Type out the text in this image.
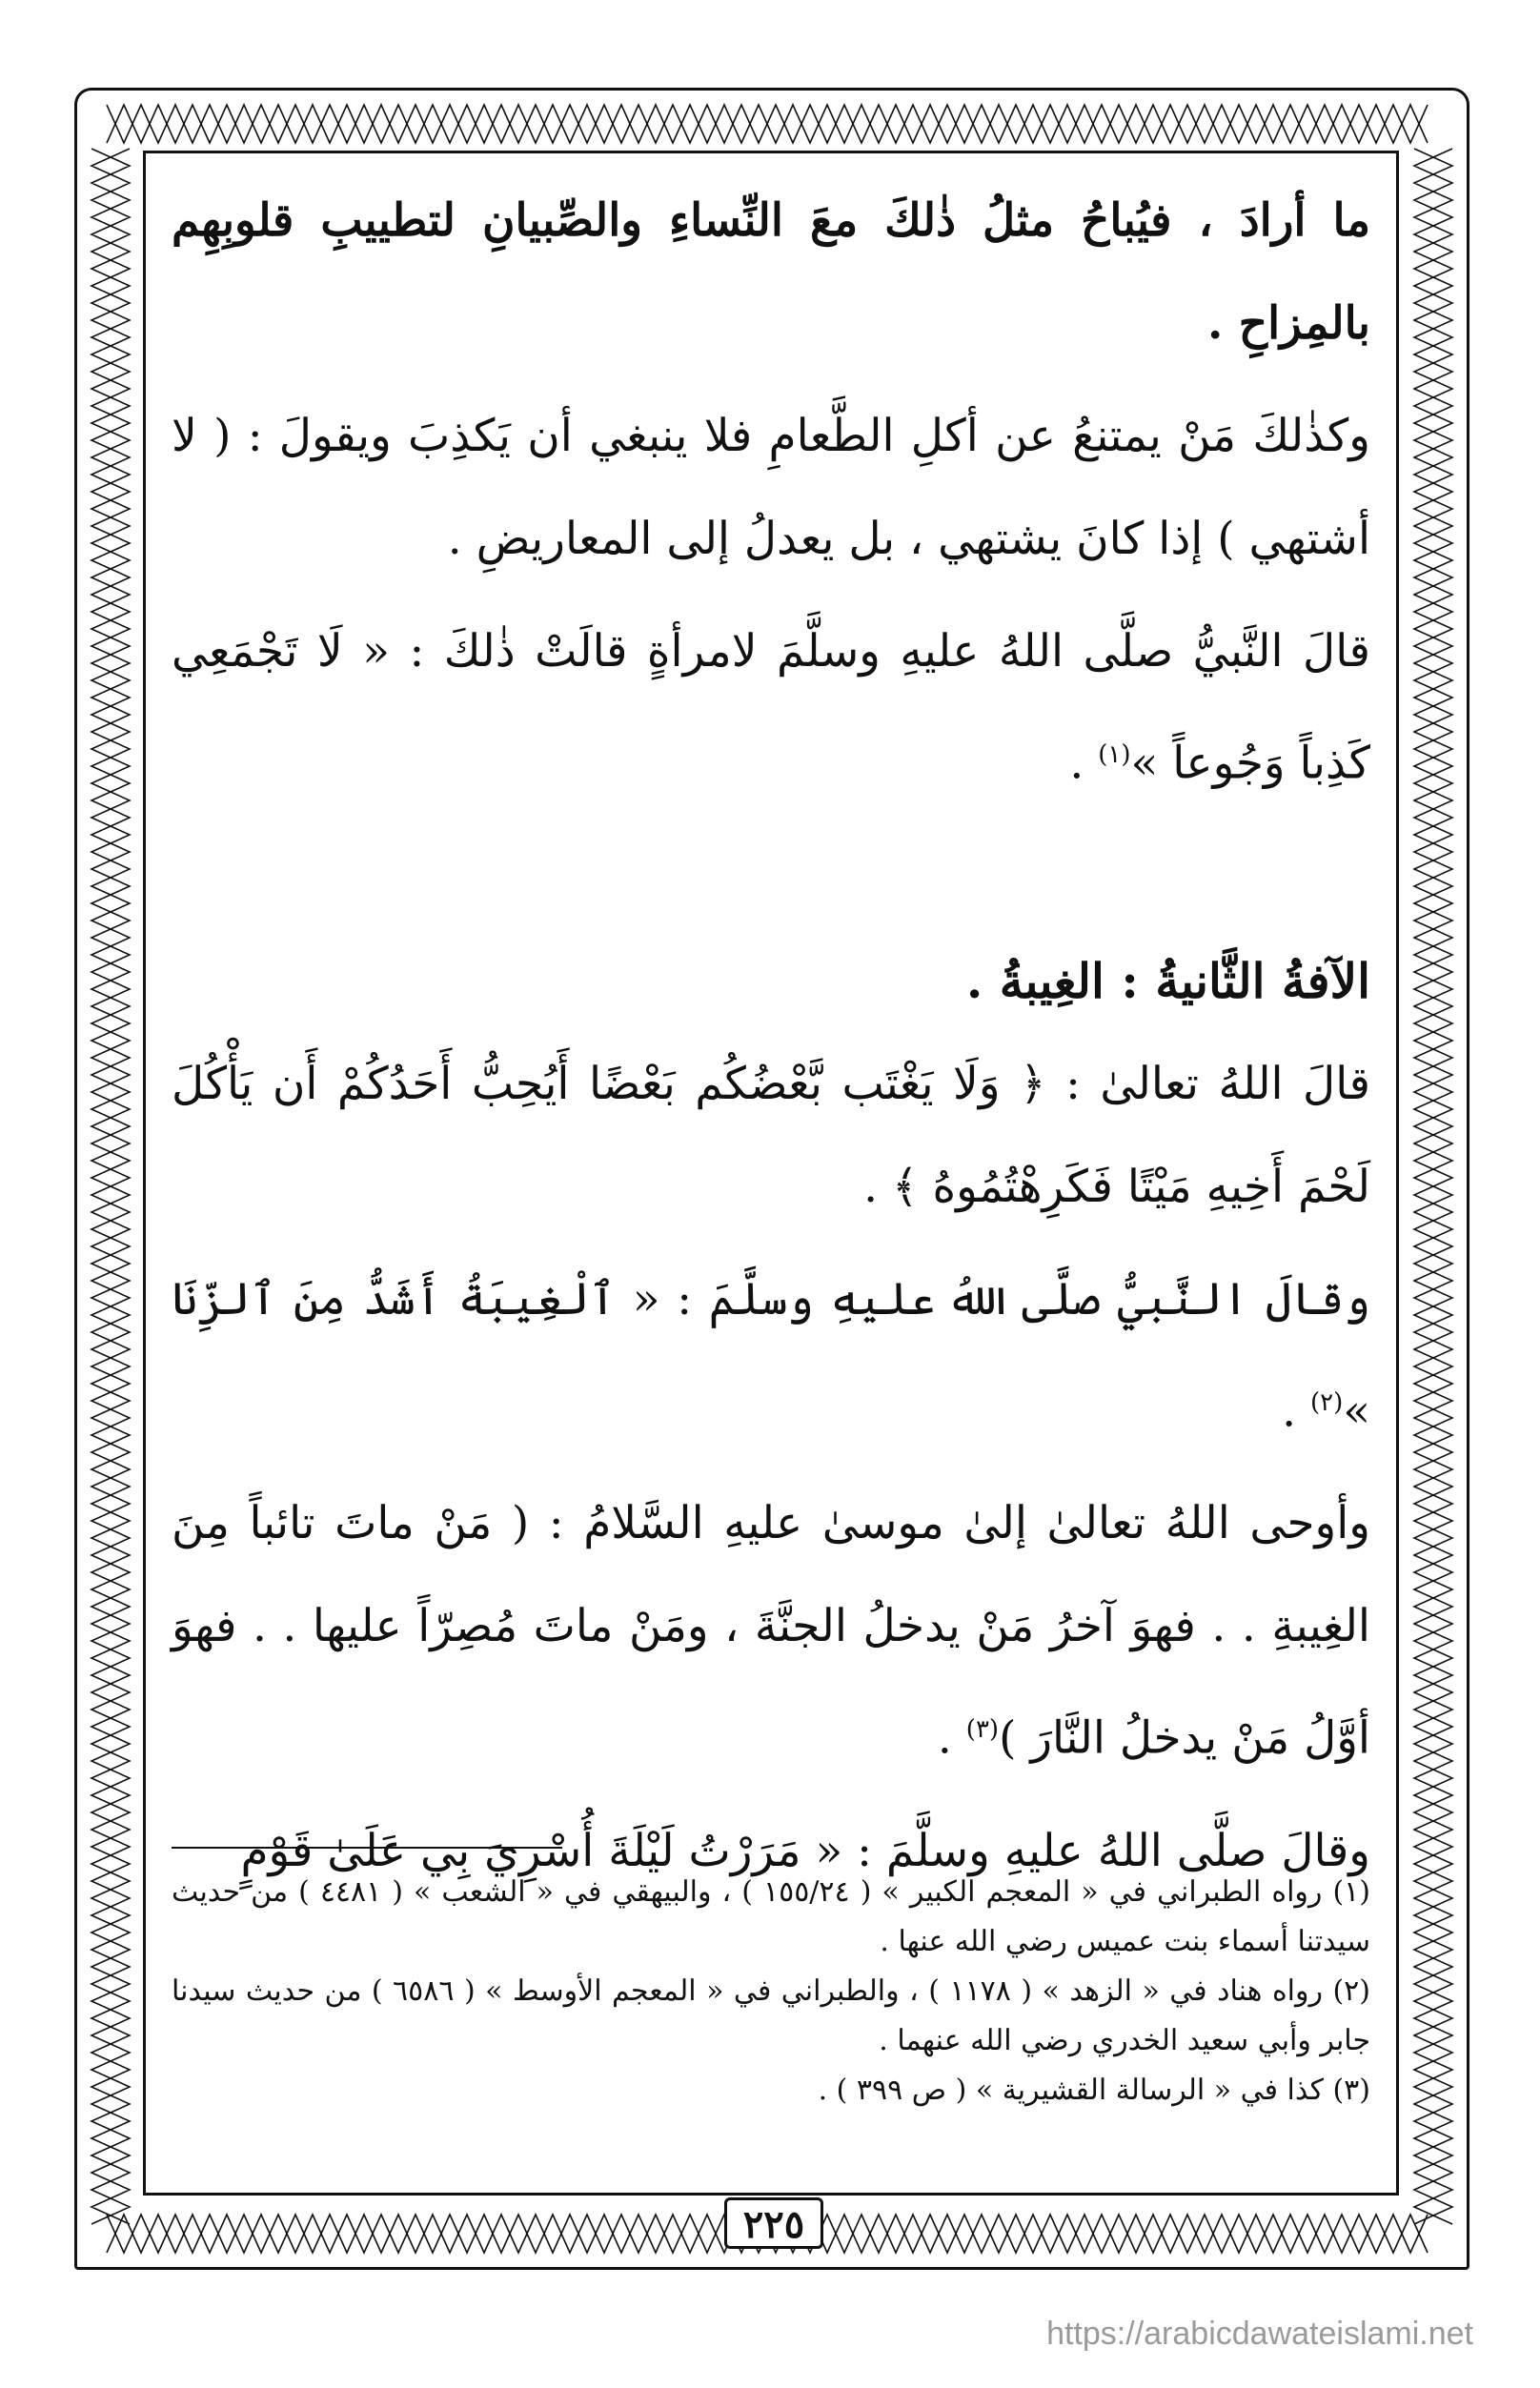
ما أرادَ ، فيُباحُ مثلُ ذٰلكَ معَ النِّساءِ والصِّبيانِ لتطييبِ قلوبِهِم بالمِزاحِ .

وكذٰلكَ مَنْ يمتنعُ عن أكلِ الطَّعامِ فلا ينبغي أن يَكذِبَ ويقولَ : ( لا أشتهي ) إذا كانَ يشتهي ، بل يعدلُ إلى المعاريضِ .

قالَ النَّبيُّ صلَّى اللهُ عليهِ وسلَّمَ لامرأةٍ قالَتْ ذٰلكَ : « لَا تَجْمَعِي كَذِباً وَجُوعاً »$^{(١)}$ .

الآفةُ الثَّانيةُ : الغِيبةُ .

قالَ اللهُ تعالىٰ : ﴿ وَلَا يَغْتَب بَّعْضُكُم بَعْضًا أَيُحِبُّ أَحَدُكُمْ أَن يَأْكُلَ لَحْمَ أَخِيهِ مَيْتًا فَكَرِهْتُمُوهُ ﴾ .

وقالَ النَّبيُّ صلَّى اللهُ عليهِ وسلَّمَ : « ٱلْغِيبَةُ أَشَدُّ مِنَ ٱلزِّنَا »$^{(٢)}$ .

وأوحى اللهُ تعالىٰ إلىٰ موسىٰ عليهِ السَّلامُ : ( مَنْ ماتَ تائباً مِنَ الغِيبةِ . . فهوَ آخرُ مَنْ يدخلُ الجنَّةَ ، ومَنْ ماتَ مُصِرّاً عليها . . فهوَ أوَّلُ مَنْ يدخلُ النَّارَ )$^{(٣)}$ .

وقالَ صلَّى اللهُ عليهِ وسلَّمَ : « مَرَرْتُ لَيْلَةَ أُسْرِيَ بِي عَلَىٰ قَوْمٍ

(١) رواه الطبراني في « المعجم الكبير » ( ١٥٥/٢٤ ) ، والبيهقي في « الشعب » ( ٤٤٨١ ) من حديث سيدتنا أسماء بنت عميس رضي الله عنها .

(٢) رواه هناد في « الزهد » ( ١١٧٨ ) ، والطبراني في « المعجم الأوسط » ( ٦٥٨٦ ) من حديث سيدنا جابر وأبي سعيد الخدري رضي الله عنهما .

(٣) كذا في « الرسالة القشيرية » ( ص ٣٩٩ ) .

٢٢٥
https://arabicdawateislami.net
